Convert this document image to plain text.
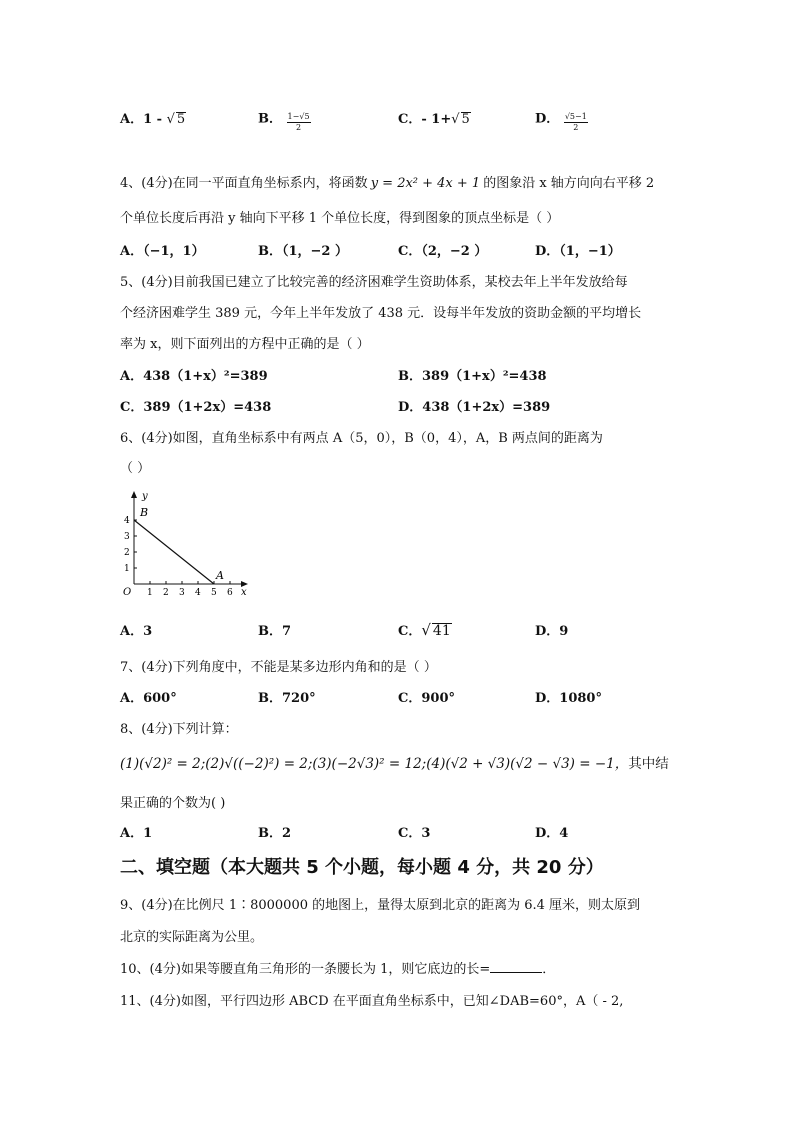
A．1 - √ 5	B． $\frac{1-√5}{2}$	C．- 1+√ 5	D． $\frac{√5-1}{2}$
4、(4分)在同一平面直角坐标系内，将函数 y = 2x² + 4x + 1 的图象沿 x 轴方向向右平移 2
个单位长度后再沿 y 轴向下平移 1 个单位长度，得到图象的顶点坐标是（ ）
A．（−1，1）	B．（1，−2 ）	C．（2，−2 ）	D．（1，−1）
5、(4分)目前我国已建立了比较完善的经济困难学生资助体系，某校去年上半年发放给每
个经济困难学生 389 元，今年上半年发放了 438 元．设每半年发放的资助金额的平均增长
率为 x，则下面列出的方程中正确的是（ ）
A．438（1+x）²=389	B．389（1+x）²=438
C．389（1+2x）=438	D．438（1+2x）=389
6、(4分)如图，直角坐标系中有两点 A（5，0），B（0，4），A，B 两点间的距离为
（ ）
y
x
O
B
A
1 2 3 4 5 6
1
2
3
4
A．3	B．7	C．√ 41	D．9
7、(4分)下列角度中，不能是某多边形内角和的是（ ）
A．600°	B．720°	C．900°	D．1080°
8、(4分)下列计算：
(1)(√2)² = 2;(2)√((−2)²) = 2;(3)(−2√3)² = 12;(4)(√2 + √3)(√2 − √3) = −1，其中结
果正确的个数为( )
A．1	B．2	C．3	D．4
二、填空题（本大题共 5 个小题，每小题 4 分，共 20 分）
9、(4分)在比例尺 1∶8000000 的地图上，量得太原到北京的距离为 6.4 厘米，则太原到
北京的实际距离为公里。
10、(4分)如果等腰直角三角形的一条腰长为 1，则它底边的长=	．
11、(4分)如图，平行四边形 ABCD 在平面直角坐标系中，已知∠DAB=60°，A（ - 2,
